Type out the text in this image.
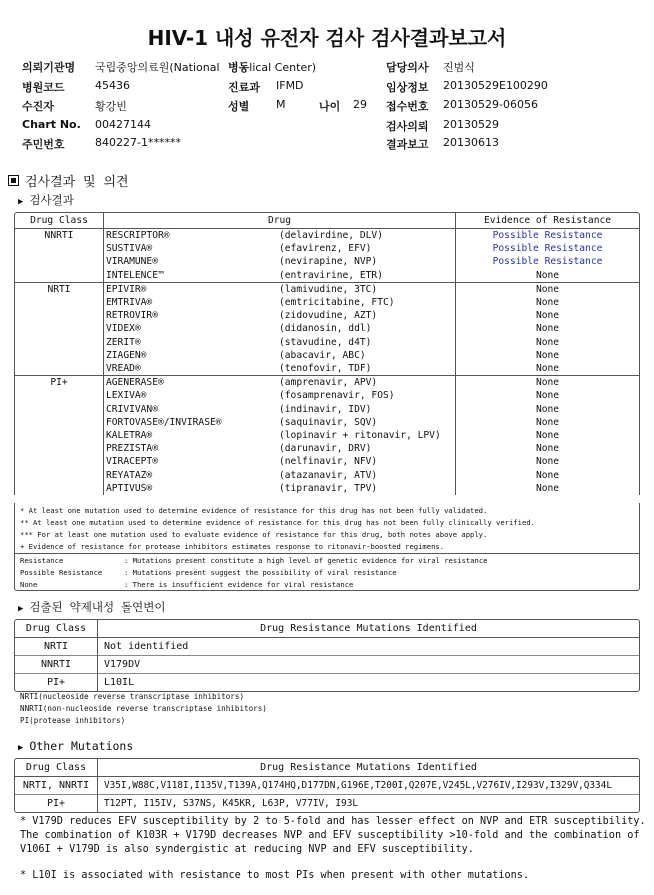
HIV-1 내성 유전자 검사 검사결과보고서
의뢰기관명 국립중앙의료원(National 병동lical Center)
병원코드	45436	진료과 IFMD
수진자	황강빈	성별 M	나이 29
Chart No. 00427144
주민번호	840227-1******
담당의사 진범식
임상정보 20130529E100290
접수번호 20130529-06056
검사의뢰 20130529
결과보고 20130613
검사결과 및 의견
▶ 검사결과
Drug Class	Drug		Evidence of Resistance
NNRTI	RESCRIPTOR®	(delavirdine, DLV)	Possible Resistance
	SUSTIVA®	(efavirenz, EFV)	Possible Resistance
	VIRAMUNE®	(nevirapine, NVP)	Possible Resistance
	INTELENCE™	(entravirine, ETR)	None
NRTI	EPIVIR®	(lamivudine, 3TC)	None
	EMTRIVA®	(emtricitabine, FTC)	None
	RETROVIR®	(zidovudine, AZT)	None
	VIDEX®	(didanosin, ddl)	None
	ZERIT®	(stavudine, d4T)	None
	ZIAGEN®	(abacavir, ABC)	None
	VREAD®	(tenofovir, TDF)	None
PI+	AGENERASE®	(amprenavir, APV)	None
	LEXIVA®	(fosamprenavir, FOS)	None
	CRIVIVAN®	(indinavir, IDV)	None
	FORTOVASE®/INVIRASE®	(saquinavir, SQV)	None
	KALETRA®	(lopinavir + ritonavir, LPV)	None
	PREZISTA®	(darunavir, DRV)	None
	VIRACEPT®	(nelfinavir, NFV)	None
	REYATAZ®	(atazanavir, ATV)	None
	APTIVUS®	(tipranavir, TPV)	None
* At least one mutation used to determine evidence of resistance for this drug has not been fully validated.
** At least one mutation used to determine evidence of resistance for this drug has not been fully clinically verified.
*** For at least one mutation used to evaluate evidence of resistance for this drug, both notes above apply.
+ Evidence of resistance for protease inhibitors estimates response to ritonavir-boosted regimens.
Resistance	: Mutations present constitute a high level of genetic evidence for viral resistance
Possible Resistance	: Mutations present suggest the possibility of viral resistance
None	: There is insufficient evidence for viral resistance
▶ 검출된 약제내성 돌연변이
Drug Class	Drug Resistance Mutations Identified
NRTI	Not identified
NNRTI	V179DV
PI+	L10IL
NRTI(nucleoside reverse transcriptase inhibitors)
NNRTI(non-nucleoside reverse transcriptase inhibitors)
PI(protease inhibitors)
▶ Other Mutations
Drug Class	Drug Resistance Mutations Identified
NRTI, NNRTI	V35I,W88C,V118I,I135V,T139A,Q174HQ,D177DN,G196E,T200I,Q207E,V245L,V276IV,I293V,I329V,Q334L
PI+	T12PT, I15IV, S37NS, K45KR, L63P, V77IV, I93L
* V179D reduces EFV susceptibility by 2 to 5-fold and has lesser effect on NVP and ETR susceptibility.
The combination of K103R + V179D decreases NVP and EFV susceptibility >10-fold and the combination of
V106I + V179D is also syndergistic at reducing NVP and EFV susceptibility.
* L10I is associated with resistance to most PIs when present with other mutations.
